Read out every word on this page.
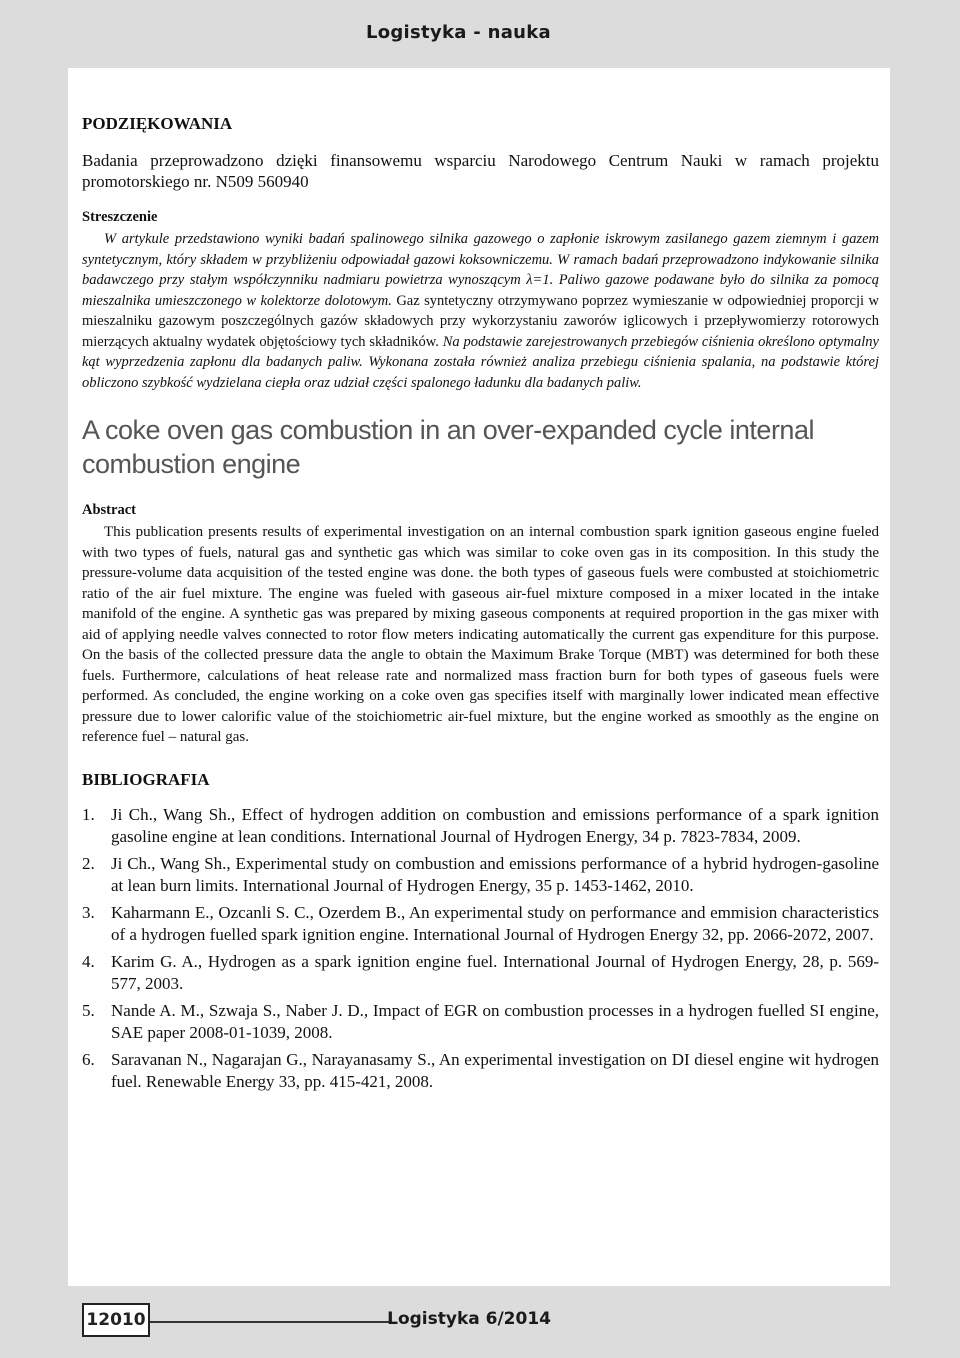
Logistyka - nauka
PODZIĘKOWANIA

Badania przeprowadzono dzięki finansowemu wsparciu Narodowego Centrum Nauki w ramach projektu promotorskiego nr. N509 560940

Streszczenie

W artykule przedstawiono wyniki badań spalinowego silnika gazowego o zapłonie iskrowym zasilanego gazem ziemnym i gazem syntetycznym, który składem w przybliżeniu odpowiadał gazowi koksowniczemu. W ramach badań przeprowadzono indykowanie silnika badawczego przy stałym współczynniku nadmiaru powietrza wynoszącym λ=1. Paliwo gazowe podawane było do silnika za pomocą mieszalnika umieszczonego w kolektorze dolotowym. Gaz syntetyczny otrzymywano poprzez wymieszanie w odpowiedniej proporcji w mieszalniku gazowym poszczególnych gazów składowych przy wykorzystaniu zaworów iglicowych i przepływomierzy rotorowych mierzących aktualny wydatek objętościowy tych składników. Na podstawie zarejestrowanych przebiegów ciśnienia określono optymalny kąt wyprzedzenia zapłonu dla badanych paliw. Wykonana została również analiza przebiegu ciśnienia spalania, na podstawie której obliczono szybkość wydzielana ciepła oraz udział części spalonego ładunku dla badanych paliw.

A coke oven gas combustion in an over-expanded cycle internal combustion engine
Abstract

This publication presents results of experimental investigation on an internal combustion spark ignition gaseous engine fueled with two types of fuels, natural gas and synthetic gas which was similar to coke oven gas in its composition. In this study the pressure-volume data acquisition of the tested engine was done. the both types of gaseous fuels were combusted at stoichiometric ratio of the air fuel mixture. The engine was fueled with gaseous air-fuel mixture composed in a mixer located in the intake manifold of the engine. A synthetic gas was prepared by mixing gaseous components at required proportion in the gas mixer with aid of applying needle valves connected to rotor flow meters indicating automatically the current gas expenditure for this purpose. On the basis of the collected pressure data the angle to obtain the Maximum Brake Torque (MBT) was determined for both these fuels. Furthermore, calculations of heat release rate and normalized mass fraction burn for both types of gaseous fuels were performed. As concluded, the engine working on a coke oven gas specifies itself with marginally lower indicated mean effective pressure due to lower calorific value of the stoichiometric air-fuel mixture, but the engine worked as smoothly as the engine on reference fuel – natural gas.

BIBLIOGRAFIA
1. Ji Ch., Wang Sh., Effect of hydrogen addition on combustion and emissions performance of a spark ignition gasoline engine at lean conditions. International Journal of Hydrogen Energy, 34 p. 7823-7834, 2009.
2. Ji Ch., Wang Sh., Experimental study on combustion and emissions performance of a hybrid hydrogen-gasoline at lean burn limits. International Journal of Hydrogen Energy, 35 p. 1453-1462, 2010.
3. Kaharmann E., Ozcanli S. C., Ozerdem B., An experimental study on performance and emmision characteristics of a hydrogen fuelled spark ignition engine. International Journal of Hydrogen Energy 32, pp. 2066-2072, 2007.
4. Karim G. A., Hydrogen as a spark ignition engine fuel. International Journal of Hydrogen Energy, 28, p. 569-577, 2003.
5. Nande A. M., Szwaja S., Naber J. D., Impact of EGR on combustion processes in a hydrogen fuelled SI engine, SAE paper 2008-01-1039, 2008.
6. Saravanan N., Nagarajan G., Narayanasamy S., An experimental investigation on DI diesel engine wit hydrogen fuel. Renewable Energy 33, pp. 415-421, 2008.
12010	Logistyka 6/2014
